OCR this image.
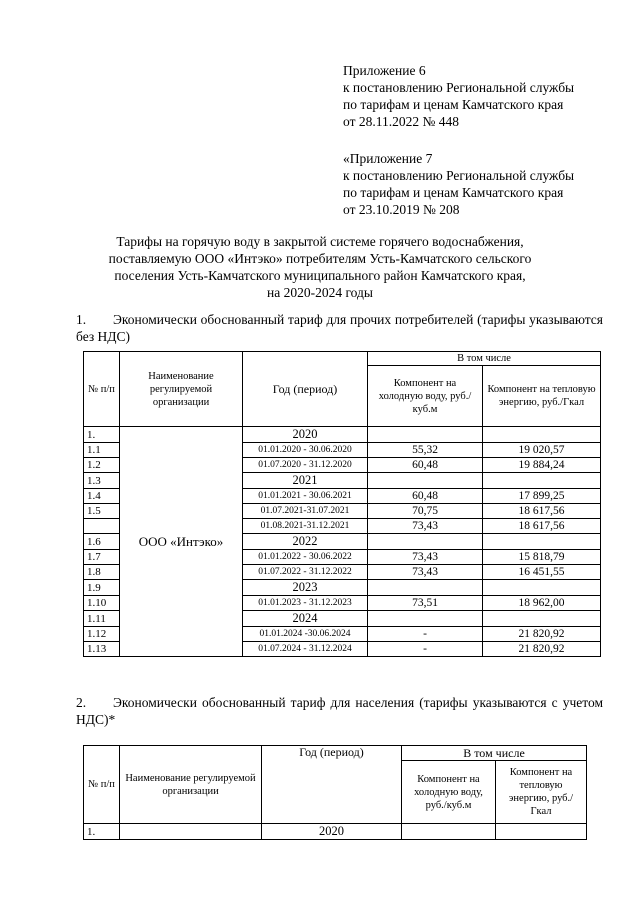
Приложение 6
к постановлению Региональной службы
по тарифам и ценам Камчатского края
от 28.11.2022 № 448
«Приложение 7
к постановлению Региональной службы
по тарифам и ценам Камчатского края
от 23.10.2019 № 208
Тарифы на горячую воду в закрытой системе горячего водоснабжения,
поставляемую ООО «Интэко» потребителям Усть-Камчатского сельского
поселения Усть-Камчатского муниципального район Камчатского края,
на 2020-2024 годы
1. Экономически обоснованный тариф для прочих потребителей (тарифы указываются без НДС)
№ п/п	Наименование регулируемой организации	Год (период)	В том числе	
			Компонент на холодную воду, руб./куб.м	Компонент на тепловую энергию, руб./Гкал
1.	ООО «Интэко»	2020		
1.1		01.01.2020 - 30.06.2020	55,32	19 020,57
1.2		01.07.2020 - 31.12.2020	60,48	19 884,24
1.3		2021		
1.4		01.01.2021 - 30.06.2021	60,48	17 899,25
1.5		01.07.2021-31.07.2021	70,75	18 617,56
		01.08.2021-31.12.2021	73,43	18 617,56
1.6		2022		
1.7		01.01.2022 - 30.06.2022	73,43	15 818,79
1.8		01.07.2022 - 31.12.2022	73,43	16 451,55
1.9		2023		
1.10		01.01.2023 - 31.12.2023	73,51	18 962,00
1.11		2024		
1.12		01.01.2024 -30.06.2024	-	21 820,92
1.13		01.07.2024 - 31.12.2024	-	21 820,92
2. Экономически обоснованный тариф для населения (тарифы указываются с учетом НДС)*
№ п/п	Наименование регулируемой организации	Год (период)	В том числе	
			Компонент на холодную воду, руб./куб.м	Компонент на тепловую энергию, руб./Гкал
1.		2020		
